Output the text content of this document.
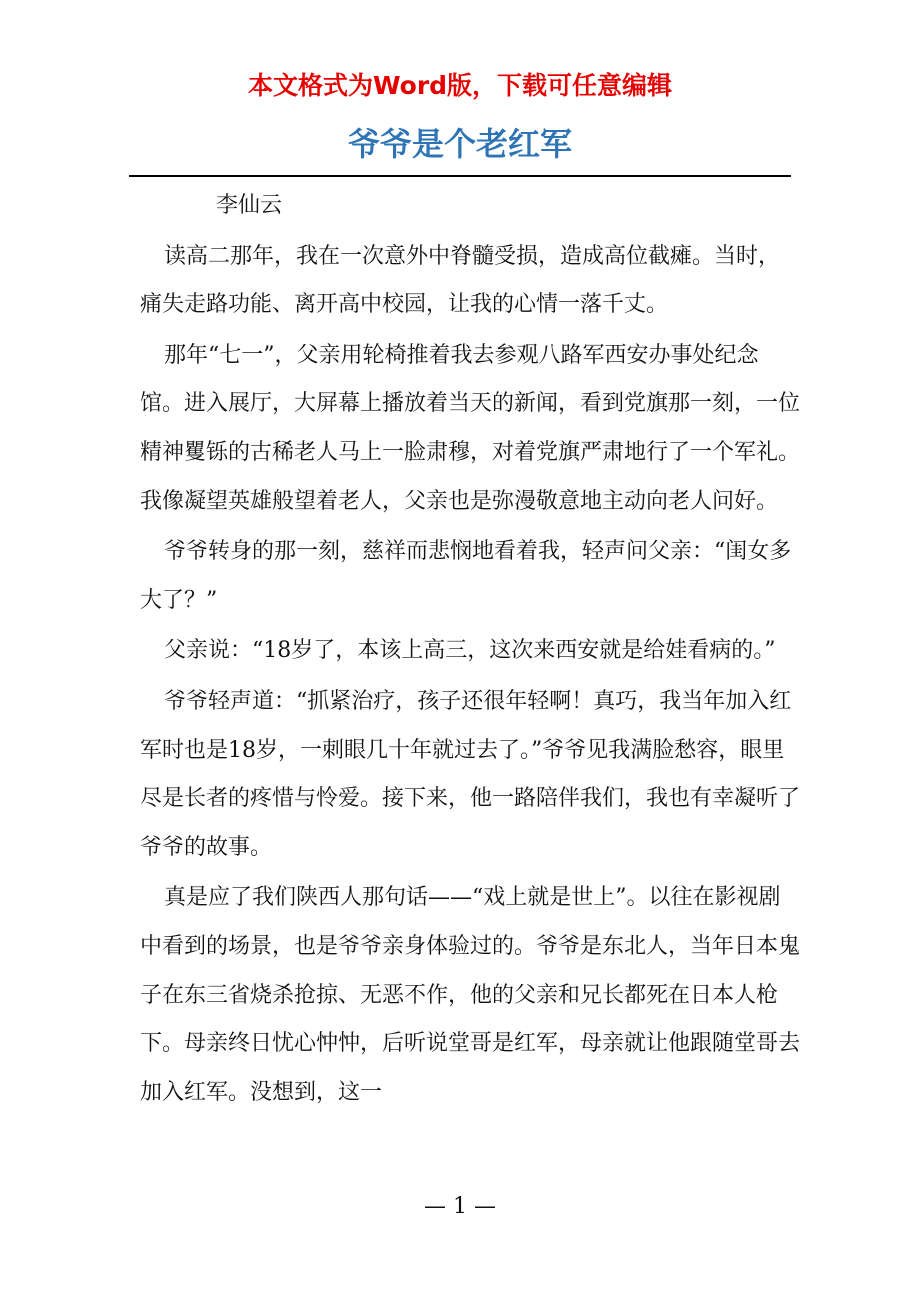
本文格式为Word版，下载可任意编辑
爷爷是个老红军

李仙云

读高二那年，我在一次意外中脊髓受损，造成高位截瘫。当时，痛失走路功能、离开高中校园，让我的心情一落千丈。

那年“七一”，父亲用轮椅推着我去参观八路军西安办事处纪念馆。进入展厅，大屏幕上播放着当天的新闻，看到党旗那一刻，一位精神矍铄的古稀老人马上一脸肃穆，对着党旗严肃地行了一个军礼。我像凝望英雄般望着老人，父亲也是弥漫敬意地主动向老人问好。

爷爷转身的那一刻，慈祥而悲悯地看着我，轻声问父亲：“闺女多大了？”

父亲说：“18岁了，本该上高三，这次来西安就是给娃看病的。”

爷爷轻声道：“抓紧治疗，孩子还很年轻啊！真巧，我当年加入红军时也是18岁，一刺眼几十年就过去了。”爷爷见我满脸愁容，眼里尽是长者的疼惜与怜爱。接下来，他一路陪伴我们，我也有幸凝听了爷爷的故事。

真是应了我们陕西人那句话——“戏上就是世上”。以往在影视剧中看到的场景，也是爷爷亲身体验过的。爷爷是东北人，当年日本鬼子在东三省烧杀抢掠、无恶不作，他的父亲和兄长都死在日本人枪下。母亲终日忧心忡忡，后听说堂哥是红军，母亲就让他跟随堂哥去加入红军。没想到，这一

— 1 —
